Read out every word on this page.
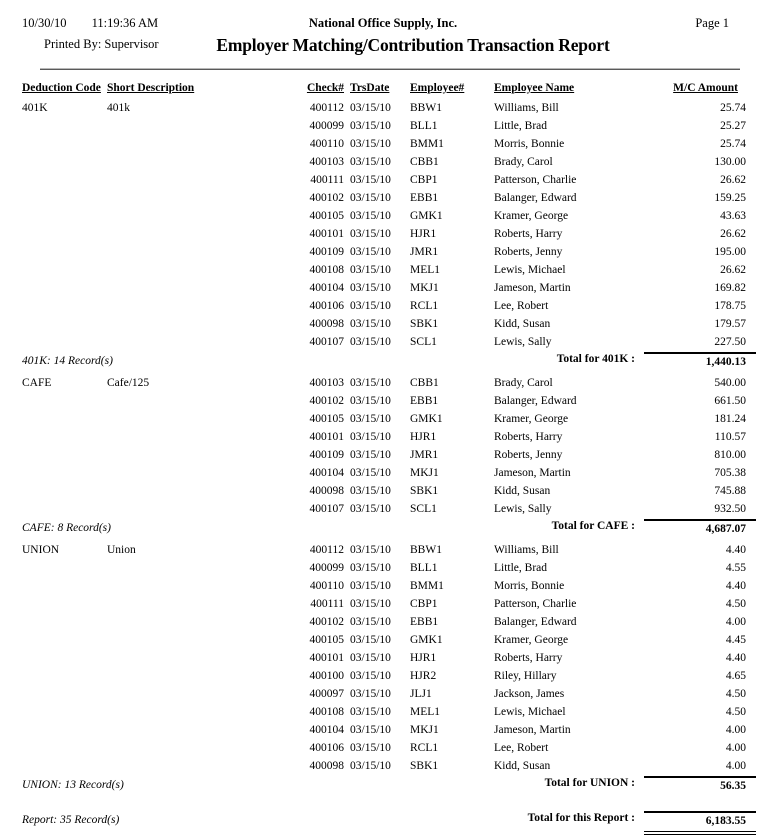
10/30/10 11:19:36 AM	National Office Supply, Inc.	Page 1
Printed By: Supervisor	Employer Matching/Contribution Transaction Report
Deduction Code Short Description	Check# TrsDate	Employee#	Employee Name	M/C Amount
401K	401k	400112 03/15/10	BBW1	Williams, Bill	25.74
400099 03/15/10	BLL1	Little, Brad	25.27
400110 03/15/10	BMM1	Morris, Bonnie	25.74
400103 03/15/10	CBB1	Brady, Carol	130.00
400111 03/15/10	CBP1	Patterson, Charlie	26.62
400102 03/15/10	EBB1	Balanger, Edward	159.25
400105 03/15/10	GMK1	Kramer, George	43.63
400101 03/15/10	HJR1	Roberts, Harry	26.62
400109 03/15/10	JMR1	Roberts, Jenny	195.00
400108 03/15/10	MEL1	Lewis, Michael	26.62
400104 03/15/10	MKJ1	Jameson, Martin	169.82
400106 03/15/10	RCL1	Lee, Robert	178.75
400098 03/15/10	SBK1	Kidd, Susan	179.57
400107 03/15/10	SCL1	Lewis, Sally	227.50
401K: 14 Record(s)	Total for 401K :	1,440.13
CAFE	Cafe/125	400103 03/15/10	CBB1	Brady, Carol	540.00
400102 03/15/10	EBB1	Balanger, Edward	661.50
400105 03/15/10	GMK1	Kramer, George	181.24
400101 03/15/10	HJR1	Roberts, Harry	110.57
400109 03/15/10	JMR1	Roberts, Jenny	810.00
400104 03/15/10	MKJ1	Jameson, Martin	705.38
400098 03/15/10	SBK1	Kidd, Susan	745.88
400107 03/15/10	SCL1	Lewis, Sally	932.50
CAFE: 8 Record(s)	Total for CAFE :	4,687.07
UNION	Union	400112 03/15/10	BBW1	Williams, Bill	4.40
400099 03/15/10	BLL1	Little, Brad	4.55
400110 03/15/10	BMM1	Morris, Bonnie	4.40
400111 03/15/10	CBP1	Patterson, Charlie	4.50
400102 03/15/10	EBB1	Balanger, Edward	4.00
400105 03/15/10	GMK1	Kramer, George	4.45
400101 03/15/10	HJR1	Roberts, Harry	4.40
400100 03/15/10	HJR2	Riley, Hillary	4.65
400097 03/15/10	JLJ1	Jackson, James	4.50
400108 03/15/10	MEL1	Lewis, Michael	4.50
400104 03/15/10	MKJ1	Jameson, Martin	4.00
400106 03/15/10	RCL1	Lee, Robert	4.00
400098 03/15/10	SBK1	Kidd, Susan	4.00
UNION: 13 Record(s)	Total for UNION :	56.35
Report: 35 Record(s)	Total for this Report :	6,183.55
